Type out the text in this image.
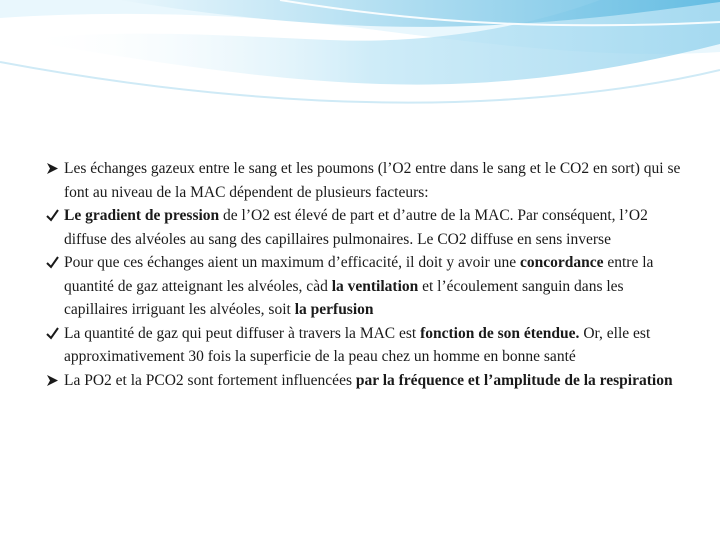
Les échanges gazeux entre le sang et les poumons (l’O2 entre dans le sang et le CO2 en sort) qui se font au niveau de la MAC dépendent de plusieurs facteurs:

Le gradient de pression de l’O2 est élevé de part et d’autre de la MAC. Par conséquent, l’O2 diffuse des alvéoles au sang des capillaires pulmonaires. Le CO2 diffuse en sens inverse

Pour que ces échanges aient un maximum d’efficacité, il doit y avoir une concordance entre la quantité de gaz atteignant les alvéoles, càd la ventilation et l’écoulement sanguin dans les capillaires irriguant les alvéoles, soit la perfusion

La quantité de gaz qui peut diffuser à travers la MAC est fonction de son étendue. Or, elle est approximativement 30 fois la superficie de la peau chez un homme en bonne santé

La PO2 et la PCO2 sont fortement influencées par la fréquence et l’amplitude de la respiration
